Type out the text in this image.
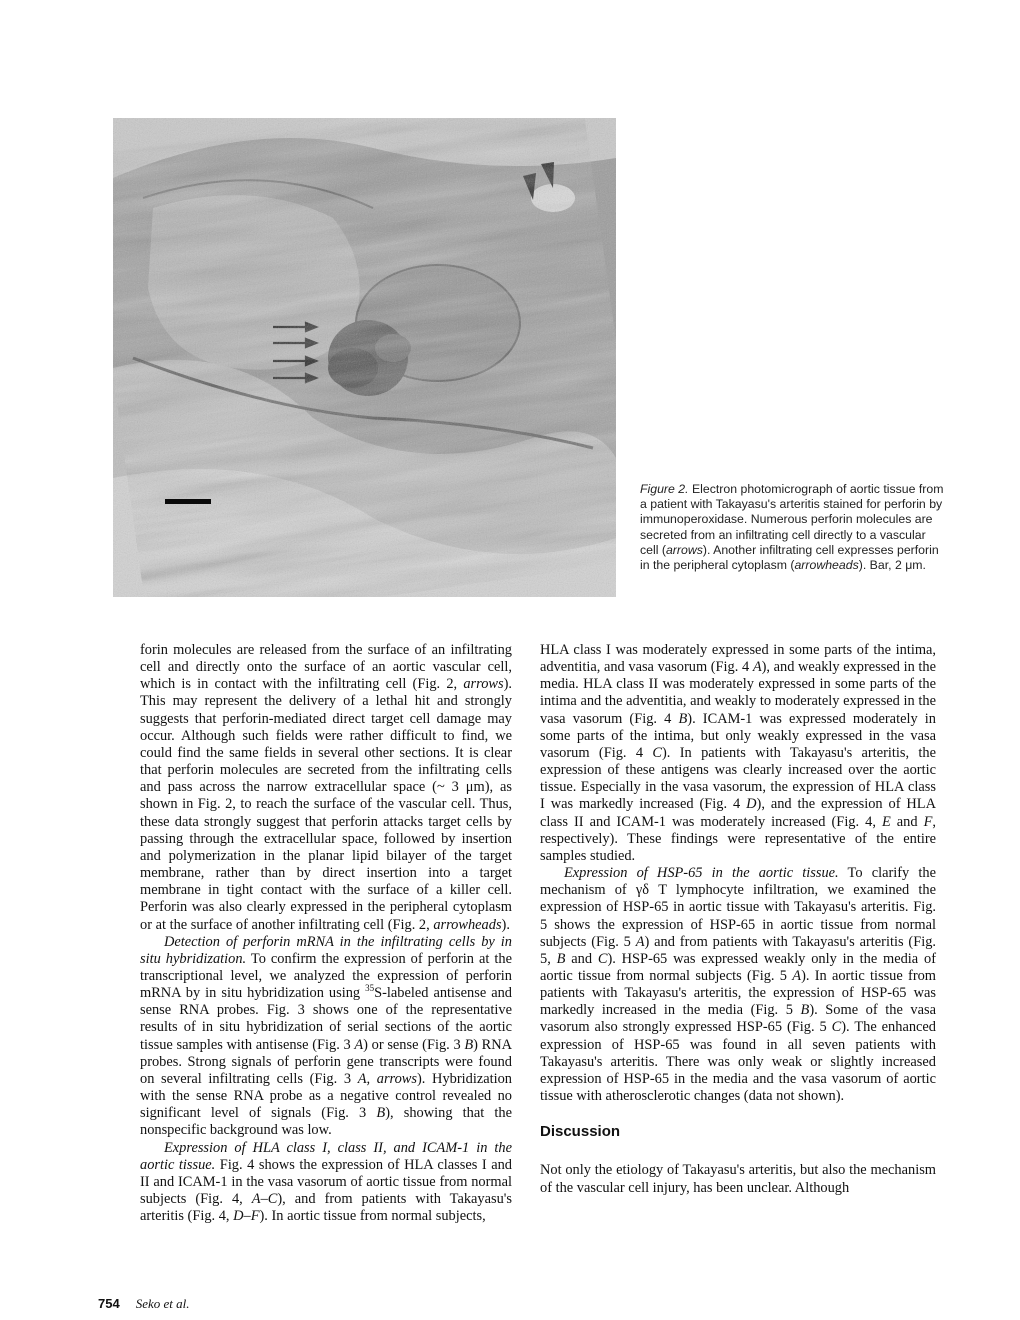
Figure 2. Electron photomicrograph of aortic tissue from a patient with Takayasu's arteritis stained for perforin by immunoperoxidase. Numerous perforin molecules are secreted from an infiltrating cell directly to a vascular cell (arrows). Another infiltrating cell expresses perforin in the peripheral cytoplasm (arrowheads). Bar, 2 μm.

forin molecules are released from the surface of an infiltrating cell and directly onto the surface of an aortic vascular cell, which is in contact with the infiltrating cell (Fig. 2, arrows). This may represent the delivery of a lethal hit and strongly suggests that perforin-mediated direct target cell damage may occur. Although such fields were rather difficult to find, we could find the same fields in several other sections. It is clear that perforin molecules are secreted from the infiltrating cells and pass across the narrow extracellular space (~ 3 μm), as shown in Fig. 2, to reach the surface of the vascular cell. Thus, these data strongly suggest that perforin attacks target cells by passing through the extracellular space, followed by insertion and polymerization in the planar lipid bilayer of the target membrane, rather than by direct insertion into a target membrane in tight contact with the surface of a killer cell. Perforin was also clearly expressed in the peripheral cytoplasm or at the surface of another infiltrating cell (Fig. 2, arrowheads).

Detection of perforin mRNA in the infiltrating cells by in situ hybridization. To confirm the expression of perforin at the transcriptional level, we analyzed the expression of perforin mRNA by in situ hybridization using $^{35}$S-labeled antisense and sense RNA probes. Fig. 3 shows one of the representative results of in situ hybridization of serial sections of the aortic tissue samples with antisense (Fig. 3 A) or sense (Fig. 3 B) RNA probes. Strong signals of perforin gene transcripts were found on several infiltrating cells (Fig. 3 A, arrows). Hybridization with the sense RNA probe as a negative control revealed no significant level of signals (Fig. 3 B), showing that the nonspecific background was low.

Expression of HLA class I, class II, and ICAM-1 in the aortic tissue. Fig. 4 shows the expression of HLA classes I and II and ICAM-1 in the vasa vasorum of aortic tissue from normal subjects (Fig. 4, A–C), and from patients with Takayasu's arteritis (Fig. 4, D–F). In aortic tissue from normal subjects,

HLA class I was moderately expressed in some parts of the intima, adventitia, and vasa vasorum (Fig. 4 A), and weakly expressed in the media. HLA class II was moderately expressed in some parts of the intima and the adventitia, and weakly to moderately expressed in the vasa vasorum (Fig. 4 B). ICAM-1 was expressed moderately in some parts of the intima, but only weakly expressed in the vasa vasorum (Fig. 4 C). In patients with Takayasu's arteritis, the expression of these antigens was clearly increased over the aortic tissue. Especially in the vasa vasorum, the expression of HLA class I was markedly increased (Fig. 4 D), and the expression of HLA class II and ICAM-1 was moderately increased (Fig. 4, E and F, respectively). These findings were representative of the entire samples studied.

Expression of HSP-65 in the aortic tissue. To clarify the mechanism of γδ T lymphocyte infiltration, we examined the expression of HSP-65 in aortic tissue with Takayasu's arteritis. Fig. 5 shows the expression of HSP-65 in aortic tissue from normal subjects (Fig. 5 A) and from patients with Takayasu's arteritis (Fig. 5, B and C). HSP-65 was expressed weakly only in the media of aortic tissue from normal subjects (Fig. 5 A). In aortic tissue from patients with Takayasu's arteritis, the expression of HSP-65 was markedly increased in the media (Fig. 5 B). Some of the vasa vasorum also strongly expressed HSP-65 (Fig. 5 C). The enhanced expression of HSP-65 was found in all seven patients with Takayasu's arteritis. There was only weak or slightly increased expression of HSP-65 in the media and the vasa vasorum of aortic tissue with atherosclerotic changes (data not shown).

Discussion

Not only the etiology of Takayasu's arteritis, but also the mechanism of the vascular cell injury, has been unclear. Although

754 Seko et al.
